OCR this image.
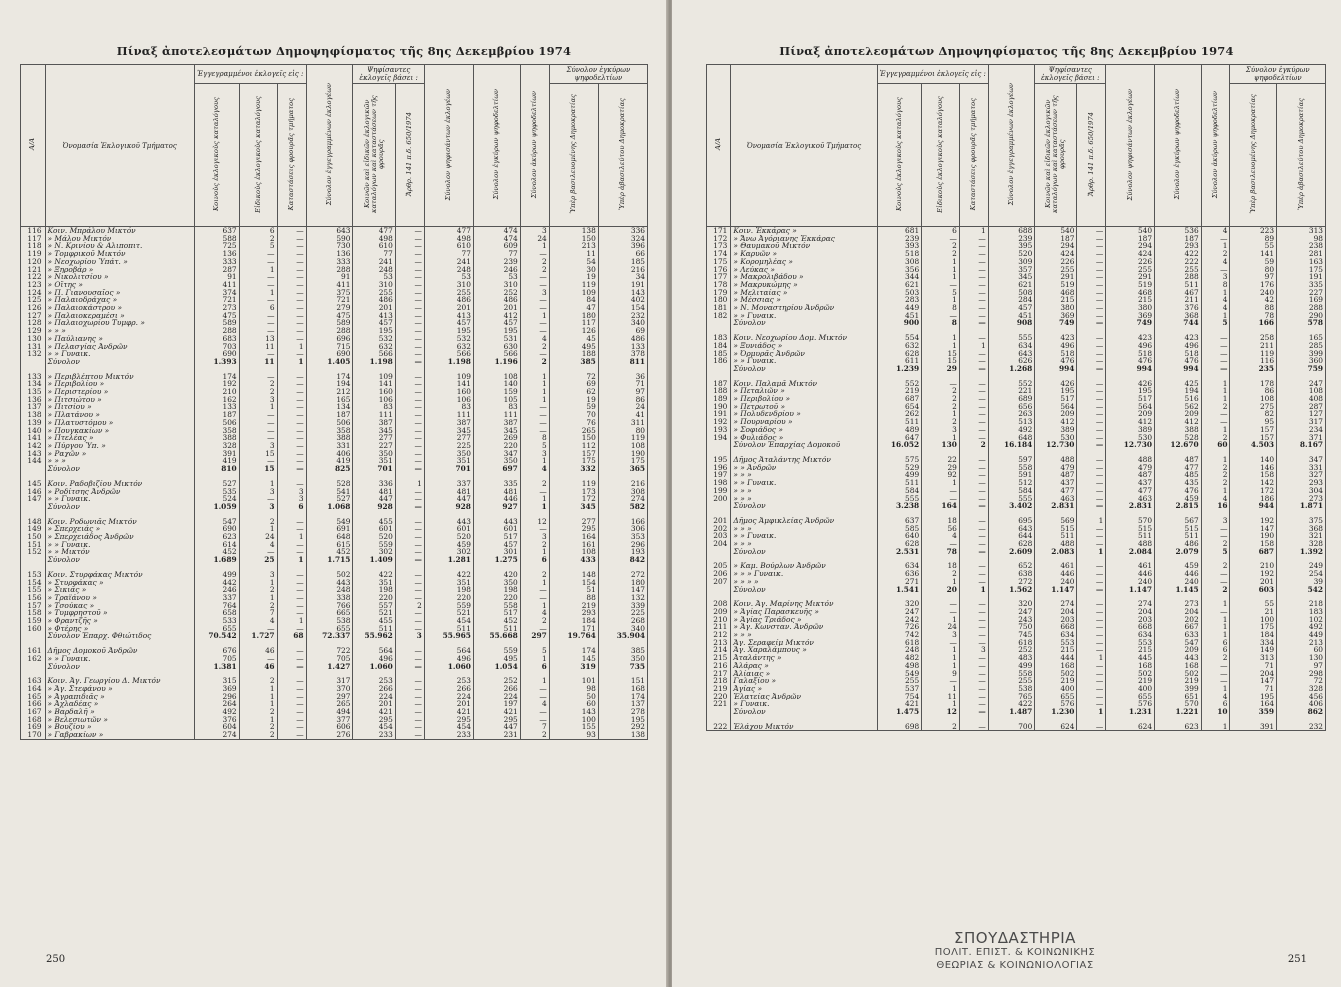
Πίναξ ἀποτελεσμάτων Δημοψηφίσματος τῆς 8ης Δεκεμβρίου 1974
Α/Α	Ὀνομασία Ἐκλογικοῦ Τμήματος	Ἐγγεγραμμένοι ἐκλογεῖς εἰς :			Σύνολον ἐγγεγραμμένων ἐκλογέων	Ψηφίσαντες ἐκλογεῖς βάσει :		Σύνολον ψηφισάντων ἐκλογέων	Σύνολον ἐγκύρων ψηφοδελτίων	Σύνολον ἀκύρων ψηφοδελτίων	Σύνολον ἐγκύρων ψηφοδελτίων	
		Κοινοὺς ἐκλογικοὺς καταλόγους	Εἰδικοὺς ἐκλογικοὺς καταλόγους	Καταστάσεις φρουρᾶς τμήματος		Κοινῶν καὶ εἰδικῶν ἐκλογικῶν καταλόγων καὶ καταστάσεων τῆς φρουρᾶς	Ἄρθρ. 141 π.δ. 650/1974				Ὑπὲρ βασιλευομένης Δημοκρατίας	Ὑπὲρ ἀβασιλεύτου Δημοκρατίας
116	Κοιν. Μπράλου Μικτόν	637	6	—	643	477	—	477	474	3	138	336
117	» Μάλου Μικτόν	588	2	—	590	498	—	498	474	24	150	324
118	» Ν. Κρινίου & Αλιποπιτ.	725	5	—	730	610	—	610	609	1	213	396
119	» Τομφρικοῦ Μικτόν	136	—	—	136	77	—	77	77	—	11	66
120	» Νεοχωρίου Ὑπάτ. »	333	—	—	333	241	—	241	239	2	54	185
121	» Ξηροβάρ »	287	1	—	288	248	—	248	246	2	30	216
122	» Νικολιτσίου »	91	—	—	91	53	—	53	53	—	19	34
123	» Οἴτης »	411	—	—	411	310	—	310	310	—	119	191
124	» Π. Γιανουσαῖος »	374	1	—	375	255	—	255	252	3	109	143
125	» Παλαιοδράχας »	721	—	—	721	486	—	486	486	—	84	402
126	» Παλαιοκάστρου »	273	6	—	279	201	—	201	201	—	47	154
127	» Παλαιοκεραμέσι »	475	—	—	475	413	—	413	412	1	180	232
128	» Παλαιοχωρίου Τυμφρ. »	589	—	—	589	457	—	457	457	—	117	340
129	» » »	288	—	—	288	195	—	195	195	—	126	69
130	» Παύλιανης »	683	13	—	696	532	—	532	531	4	45	486
131	» Πελασγίας Ἀνδρῶν	703	11	1	715	632	—	632	630	2	495	133
132	» » Γυναικ.	690	—	—	690	566	—	566	566	—	188	378
	Σύνολον	1.393	11	1	1.405	1.198	—	1.198	1.196	2	385	811

133	» Περιβλέπτου Μικτόν	174	—	—	174	109	—	109	108	1	72	36
134	» Περιβολίου »	192	2	—	194	141	—	141	140	1	69	71
135	» Περιστερίου »	210	2	—	212	160	—	160	159	1	62	97
136	» Πιτσιώτου »	162	3	—	165	106	—	106	105	1	19	86
137	» Πιτσίου »	133	1	—	134	83	—	83	83	—	59	24
138	» Πλατάνου »	187	—	—	187	111	—	111	111	—	70	41
139	» Πλατυστόμου »	506	—	—	506	387	—	387	387	—	76	311
140	» Πουγκακίων »	358	—	—	358	345	—	345	345	—	265	80
141	» Πτελέας »	388	—	—	388	277	—	277	269	8	150	119
142	» Πύργου Ὑπ. »	328	3	—	331	227	—	225	220	5	112	108
143	» Ραχῶν »	391	15	—	406	350	—	350	347	3	157	190
144	» » »	419	—	—	419	351	—	351	350	1	175	175
	Σύνολον	810	15	—	825	701	—	701	697	4	332	365

145	Κοιν. Ραδοβιζίου Μικτόν	527	1	—	528	336	1	337	335	2	119	216
146	» Ροδίτσης Ἀνδρῶν	535	3	3	541	481	—	481	481	—	173	308
147	» » Γυναικ.	524	—	3	527	447	—	447	446	1	172	274
	Σύνολον	1.059	3	6	1.068	928	—	928	927	1	345	582

148	Κοιν. Ροδωνιᾶς Μικτόν	547	2	—	549	455	—	443	443	12	277	166
149	» Σπερχειάς »	690	1	—	691	601	—	601	601	—	295	306
150	» Σπερχειάδος Ἀνδρῶν	623	24	1	648	520	—	520	517	3	164	353
151	» » Γυναικ.	614	4	—	615	559	—	459	457	2	161	296
152	» » Μικτόν	452	—	—	452	302	—	302	301	1	108	193
	Σύνολον	1.689	25	1	1.715	1.409	—	1.281	1.275	6	433	842

153	Κοιν. Στυρφάκας Μικτόν	499	3	—	502	422	—	422	420	2	148	272
154	» Στυρφάκας »	442	1	—	443	351	—	351	350	1	154	180
155	» Σικιᾶς »	246	2	—	248	198	—	198	198	—	51	147
156	» Τραϊάνου »	337	1	—	338	220	—	220	220	—	88	132
157	» Τσούκας »	764	2	—	766	557	2	559	558	1	219	339
158	» Τυμφρηστοῦ »	658	7	—	665	521	—	521	517	4	293	225
159	» Φραντζῆς »	533	4	1	538	455	—	454	452	2	184	268
160	» Φτέρης »	655	—	—	655	511	—	511	511	—	171	340
	Σύνολον Ἐπαρχ. Φθιώτιδος	70.542	1.727	68	72.337	55.962	3	55.965	55.668	297	19.764	35.904

161	Δῆμος Δομοκοῦ Ἀνδρῶν	676	46	—	722	564	—	564	559	5	174	385
162	» » Γυναικ.	705	—	—	705	496	—	496	495	1	145	350
	Σύνολον	1.381	46	—	1.427	1.060	—	1.060	1.054	6	319	735

163	Κοιν. Ἁγ. Γεωργίου Δ. Μικτόν	315	2	—	317	253	—	253	252	1	101	151
164	» Ἁγ. Στεφάνου »	369	1	—	370	266	—	266	266	—	98	168
165	» Ἀγραπιδιᾶς »	296	1	—	297	224	—	224	224	—	50	174
166	» Ἀχλαδέας »	264	1	—	265	201	—	201	197	4	60	137
167	» Βαρδαλῆ »	492	2	—	494	421	—	421	421	—	143	278
168	» Βελεσιωτῶν »	376	1	—	377	295	—	295	295	—	100	195
169	» Βουζίου »	604	2	—	606	454	—	454	447	7	155	292
170	» Γαβρακίων »	274	2	—	276	233	—	233	231	2	93	138
250
Πίναξ ἀποτελεσμάτων Δημοψηφίσματος τῆς 8ης Δεκεμβρίου 1974
Α/Α	Ὀνομασία Ἐκλογικοῦ Τμήματος	Ἐγγεγραμμένοι ἐκλογεῖς εἰς :			Σύνολον ἐγγεγραμμένων ἐκλογέων	Ψηφίσαντες ἐκλογεῖς βάσει :		Σύνολον ψηφισάντων ἐκλογέων	Σύνολον ἐγκύρων ψηφοδελτίων	Σύνολον ἀκύρων ψηφοδελτίων	Σύνολον ἐγκύρων ψηφοδελτίων	
		Κοινοὺς ἐκλογικοὺς καταλόγους	Εἰδικοὺς ἐκλογικοὺς καταλόγους	Καταστάσεις φρουρᾶς τμήματος		Κοινῶν καὶ εἰδικῶν ἐκλογικῶν καταλόγων καὶ καταστάσεων τῆς φρουρᾶς	Ἄρθρ. 141 π.δ. 650/1974				Ὑπὲρ βασιλευομένης Δημοκρατίας	Ὑπὲρ ἀβασιλεύτου Δημοκρατίας
171	Κοιν. Ἐκκάρας »	681	6	1	688	540	—	540	536	4	223	313
172	» Ἄνω Ἀγόριανης Ἐκκάρας	239	—	—	239	187	—	187	187	—	89	98
173	» Θαυμακοῦ Μικτόν	393	2	—	395	294	—	294	293	1	55	238
174	» Καρυῶν »	518	2	—	520	424	—	424	422	2	141	281
175	» Κορομηλέας »	308	1	—	309	226	—	226	222	4	59	163
176	» Λεύκας »	356	1	—	357	255	—	255	255	—	80	175
177	» Μακρολιβάδου »	344	1	—	345	291	—	291	288	3	97	191
178	» Μακρυκώμης »	621	—	—	621	519	—	519	511	8	176	335
179	» Μελιταίας »	503	5	—	508	468	—	468	467	1	240	227
180	» Μέσσιας »	283	1	—	284	215	—	215	211	4	42	169
181	» Ν. Μοναστηρίου Ἀνδρῶν	449	8	—	457	380	—	380	376	4	88	288
182	» » Γυναικ.	451	—	—	451	369	—	369	368	1	78	290
	Σύνολον	900	8	—	908	749	—	749	744	5	166	578

183	Κοιν. Νεοχωρίου Δομ. Μικτόν	554	1	—	555	423	—	423	423	—	258	165
184	» Ξυνιάδος »	632	1	1	634	496	—	496	496	—	211	285
185	» Ὀρμυρᾶς Ἀνδρῶν	628	15	—	643	518	—	518	518	—	119	399
186	» » Γυναικ.	611	15	—	626	476	—	476	476	—	116	360
	Σύνολον	1.239	29	—	1.268	994	—	994	994	—	235	759

187	Κοιν. Παλαμᾶ Μικτόν	552	—	—	552	426	—	426	425	1	178	247
188	» Πεταλιῶν »	219	2	—	221	195	—	195	194	1	86	108
189	» Περιβολίου »	687	2	—	689	517	—	517	516	1	108	408
190	» Πετρωτοῦ »	654	2	—	656	564	—	564	562	2	275	287
191	» Πολυδενδρίου »	262	1	—	263	209	—	209	209	—	82	127
192	» Πουρναρίου »	511	2	—	513	412	—	412	412	—	95	317
193	» Σοφιάδος »	489	3	—	492	389	—	389	388	1	157	234
194	» Φυλιάδος »	647	1	—	648	530	—	530	528	2	157	371
	Σύνολον Ἐπαρχίας Δομοκοῦ	16.052	130	2	16.184	12.730	—	12.730	12.670	60	4.503	8.167

195	Δῆμος Ἀταλάντης Μικτόν	575	22	—	597	488	—	488	487	1	140	347
196	» » Ἀνδρῶν	529	29	—	558	479	—	479	477	2	146	331
197	» » »	499	92	—	591	487	—	487	485	2	158	327
198	» » Γυναικ.	511	1	—	512	437	—	437	435	2	142	293
199	» » »	584	—	—	584	477	—	477	476	1	172	304
200	» » »	555	—	—	555	463	—	463	459	4	186	273
	Σύνολον	3.238	164	—	3.402	2.831	—	2.831	2.815	16	944	1.871

201	Δῆμος Ἀμφικλείας Ἀνδρῶν	637	18	—	695	569	1	570	567	3	192	375
202	» » »	585	56	—	643	515	—	515	515	—	147	368
203	» » Γυναικ.	640	4	—	644	511	—	511	511	—	190	321
204	» » »	628	—	—	628	488	—	488	486	2	158	328
	Σύνολον	2.531	78	—	2.609	2.083	1	2.084	2.079	5	687	1.392

205	» Καμ. Βούρλων Ἀνδρῶν	634	18	—	652	461	—	461	459	2	210	249
206	» » » Γυναικ.	636	2	—	638	446	—	446	446	—	192	254
207	» » » »	271	1	—	272	240	—	240	240	—	201	39
	Σύνολον	1.541	20	1	1.562	1.147	—	1.147	1.145	2	603	542

208	Κοιν. Ἁγ. Μαρίνης Μικτόν	320	—	—	320	274	—	274	273	1	55	218
209	» Ἁγίας Παρασκευῆς »	247	—	—	247	204	—	204	204	—	21	183
210	» Ἁγίας Τριάδος »	242	1	—	243	203	—	203	202	1	100	102
211	» Ἁγ. Κωνσταν. Ἀνδρῶν	726	24	—	750	668	—	668	667	1	175	492
212	» » »	742	3	—	745	634	—	634	633	1	184	449
213	Ἁγ. Σεραφείμ Μικτόν	618	—	—	618	553	—	553	547	6	334	213
214	Ἁγ. Χαραλάμπους »	248	1	3	252	215	—	215	209	6	149	60
215	Ἀταλάντης »	482	1	—	483	444	1	445	443	2	313	130
216	Ἀλάρας »	498	1	—	499	168	—	168	168	—	71	97
217	Ἀλίαιας »	549	9	—	558	502	—	502	502	—	204	298
218	Γαλαξίου »	255	—	—	255	219	—	219	219	—	147	72
219	Ἀγίας »	537	1	—	538	400	—	400	399	1	71	328
220	Ἐλατείας Ἀνδρῶν	754	11	—	765	655	—	655	651	4	195	456
221	» Γυναικ.	421	1	—	422	576	—	576	570	6	164	406
	Σύνολον	1.475	12	—	1.487	1.230	1	1.231	1.221	10	359	862

222	Ἐλάχου Μικτόν	698	2	—	700	624	—	624	623	1	391	232
251
ΣΠΟΥΔΑΣΤΗΡΙΑ
ΠΟΛΙΤ. ΕΠΙΣΤ. & ΚΟΙΝΩΝΙΚΗΣ
ΘΕΩΡΙΑΣ & ΚΟΙΝΩΝΙΟΛΟΓΙΑΣ
